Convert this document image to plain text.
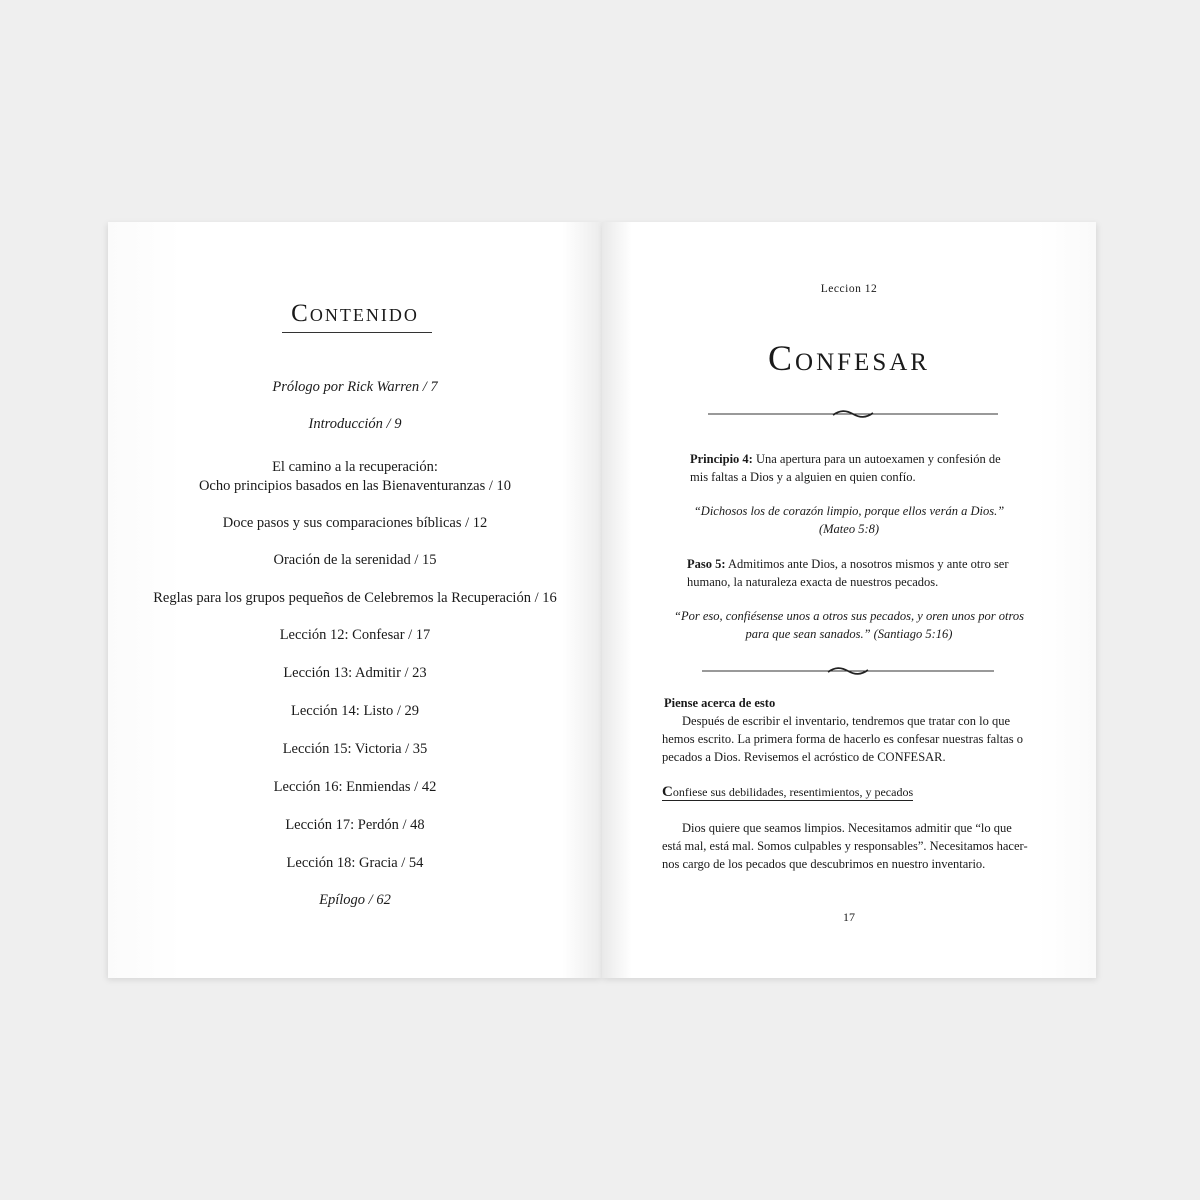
Contenido
Prólogo por Rick Warren / 7
Introducción / 9
El camino a la recuperación:
Ocho principios basados en las Bienaventuranzas / 10
Doce pasos y sus comparaciones bíblicas / 12
Oración de la serenidad / 15
Reglas para los grupos pequeños de Celebremos la Recuperación / 16
Lección 12: Confesar / 17
Lección 13: Admitir / 23
Lección 14: Listo / 29
Lección 15: Victoria / 35
Lección 16: Enmiendas / 42
Lección 17: Perdón / 48
Lección 18: Gracia / 54
Epílogo / 62
Leccion 12
Confesar
Principio 4: Una apertura para un autoexamen y confesión de
mis faltas a Dios y a alguien en quien confío.
“Dichosos los de corazón limpio, porque ellos verán a Dios.”
(Mateo 5:8)
Paso 5: Admitimos ante Dios, a nosotros mismos y ante otro ser
humano, la naturaleza exacta de nuestros pecados.
“Por eso, confiésense unos a otros sus pecados, y oren unos por otros
para que sean sanados.” (Santiago 5:16)
Piense acerca de esto
Después de escribir el inventario, tendremos que tratar con lo que
hemos escrito. La primera forma de hacerlo es confesar nuestras faltas o
pecados a Dios. Revisemos el acróstico de CONFESAR.
Confiese sus debilidades, resentimientos, y pecados
Dios quiere que seamos limpios. Necesitamos admitir que “lo que
está mal, está mal. Somos culpables y responsables”. Necesitamos hacer-
nos cargo de los pecados que descubrimos en nuestro inventario.
17
